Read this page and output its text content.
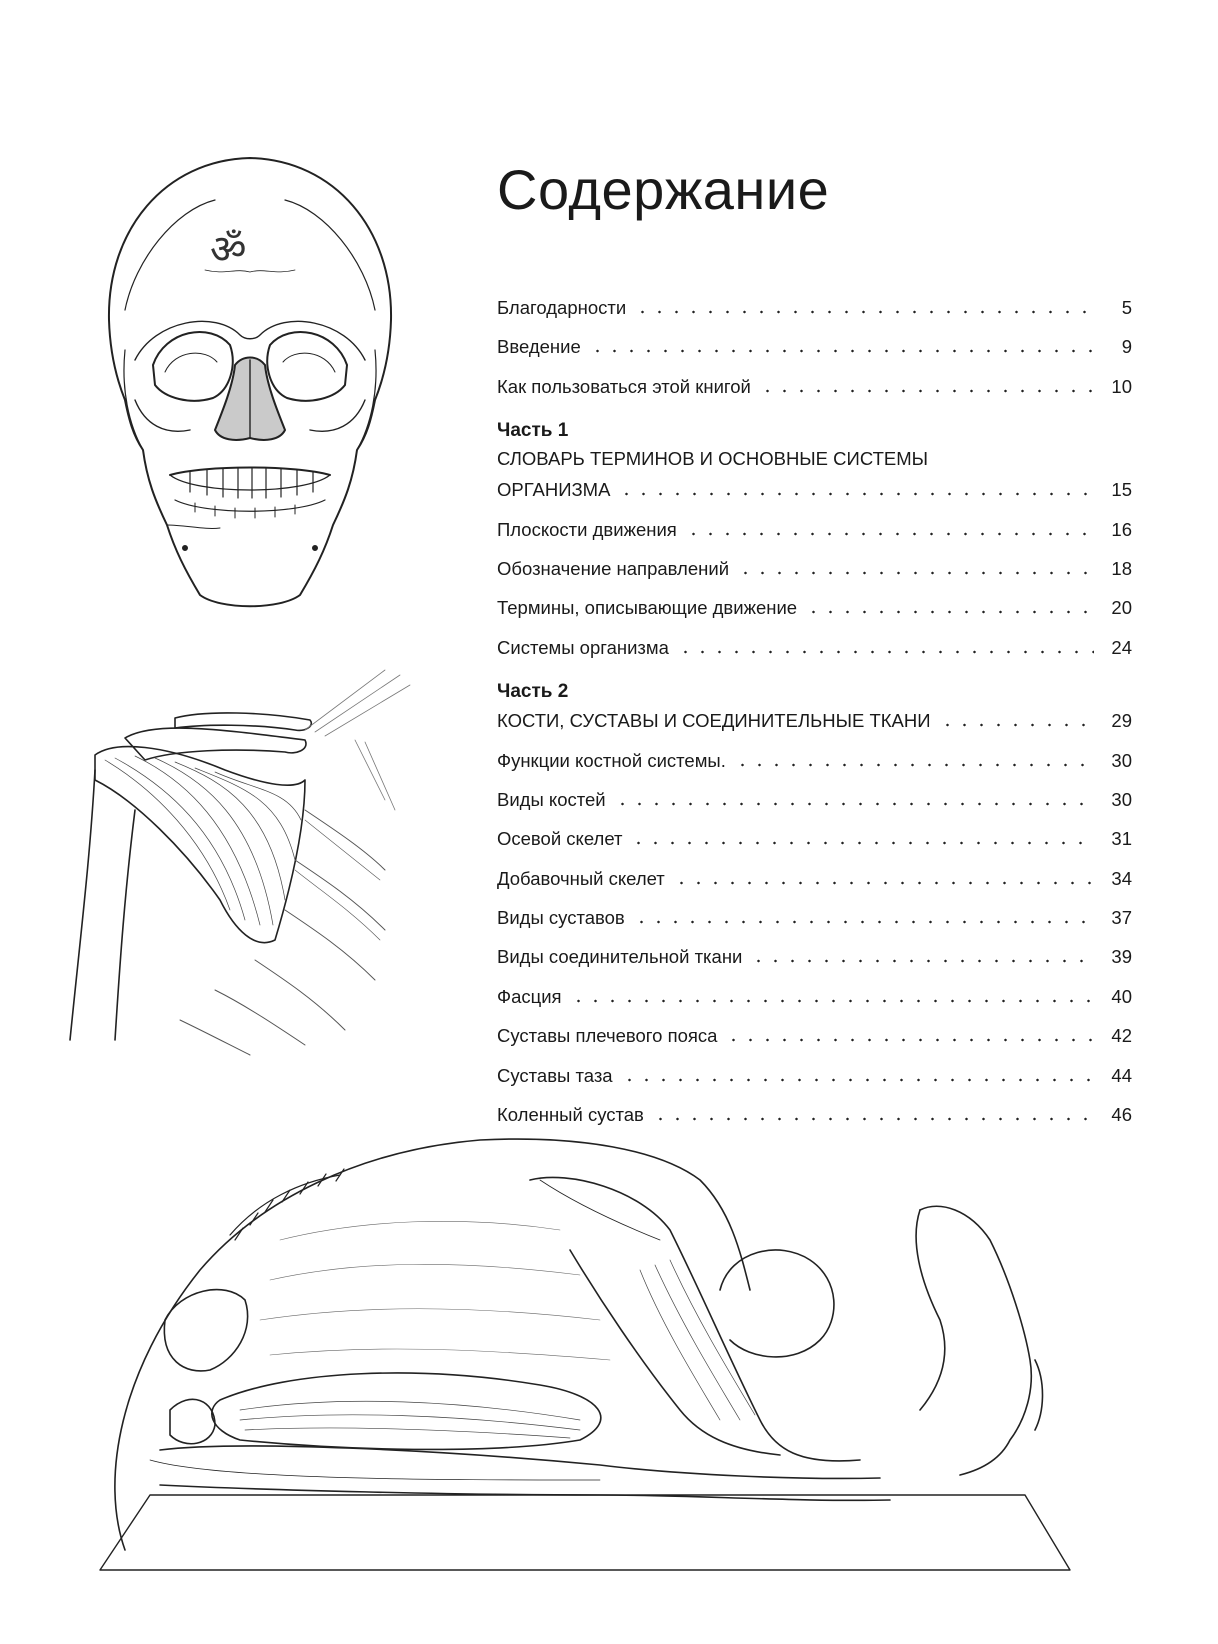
ॐ
Содержание
Благодарности	5
Введение	9
Как пользоваться этой книгой	10
Часть 1
СЛОВАРЬ ТЕРМИНОВ И ОСНОВНЫЕ СИСТЕМЫ
ОРГАНИЗМА	15
Плоскости движения	16
Обозначение направлений	18
Термины, описывающие движение	20
Системы организма	24
Часть 2
КОСТИ, СУСТАВЫ И СОЕДИНИТЕЛЬНЫЕ ТКАНИ	29
Функции костной системы.	30
Виды костей	30
Осевой скелет	31
Добавочный скелет	34
Виды суставов	37
Виды соединительной ткани	39
Фасция	40
Суставы плечевого пояса	42
Суставы таза	44
Коленный сустав	46
